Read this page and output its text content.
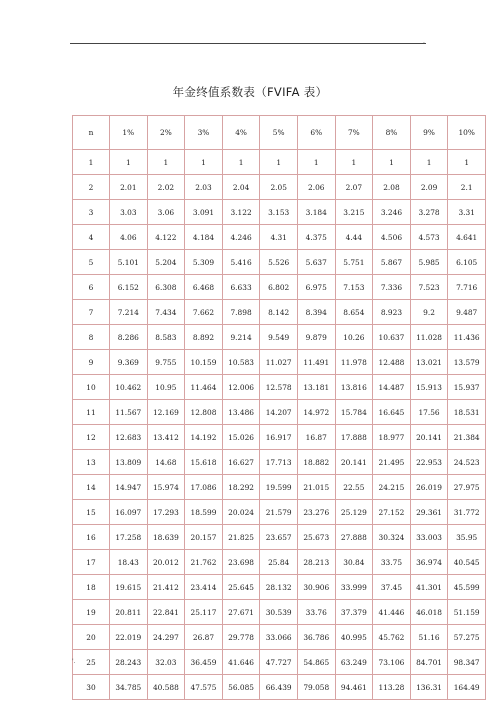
.
年金终值系数表（FVIFA 表）
n	1%	2%	3%	4%	5%	6%	7%	8%	9%	10%
1	1	1	1	1	1	1	1	1	1	1
2	2.01	2.02	2.03	2.04	2.05	2.06	2.07	2.08	2.09	2.1
3	3.03	3.06	3.091	3.122	3.153	3.184	3.215	3.246	3.278	3.31
4	4.06	4.122	4.184	4.246	4.31	4.375	4.44	4.506	4.573	4.641
5	5.101	5.204	5.309	5.416	5.526	5.637	5.751	5.867	5.985	6.105
6	6.152	6.308	6.468	6.633	6.802	6.975	7.153	7.336	7.523	7.716
7	7.214	7.434	7.662	7.898	8.142	8.394	8.654	8.923	9.2	9.487
8	8.286	8.583	8.892	9.214	9.549	9.879	10.26	10.637	11.028	11.436
9	9.369	9.755	10.159	10.583	11.027	11.491	11.978	12.488	13.021	13.579
10	10.462	10.95	11.464	12.006	12.578	13.181	13.816	14.487	15.913	15.937
11	11.567	12.169	12.808	13.486	14.207	14.972	15.784	16.645	17.56	18.531
12	12.683	13.412	14.192	15.026	16.917	16.87	17.888	18.977	20.141	21.384
13	13.809	14.68	15.618	16.627	17.713	18.882	20.141	21.495	22.953	24.523
14	14.947	15.974	17.086	18.292	19.599	21.015	22.55	24.215	26.019	27.975
15	16.097	17.293	18.599	20.024	21.579	23.276	25.129	27.152	29.361	31.772
16	17.258	18.639	20.157	21.825	23.657	25.673	27.888	30.324	33.003	35.95
17	18.43	20.012	21.762	23.698	25.84	28.213	30.84	33.75	36.974	40.545
18	19.615	21.412	23.414	25.645	28.132	30.906	33.999	37.45	41.301	45.599
19	20.811	22.841	25.117	27.671	30.539	33.76	37.379	41.446	46.018	51.159
20	22.019	24.297	26.87	29.778	33.066	36.786	40.995	45.762	51.16	57.275
25	28.243	32.03	36.459	41.646	47.727	54.865	63.249	73.106	84.701	98.347
30	34.785	40.588	47.575	56.085	66.439	79.058	94.461	113.28	136.31	164.49
'.
